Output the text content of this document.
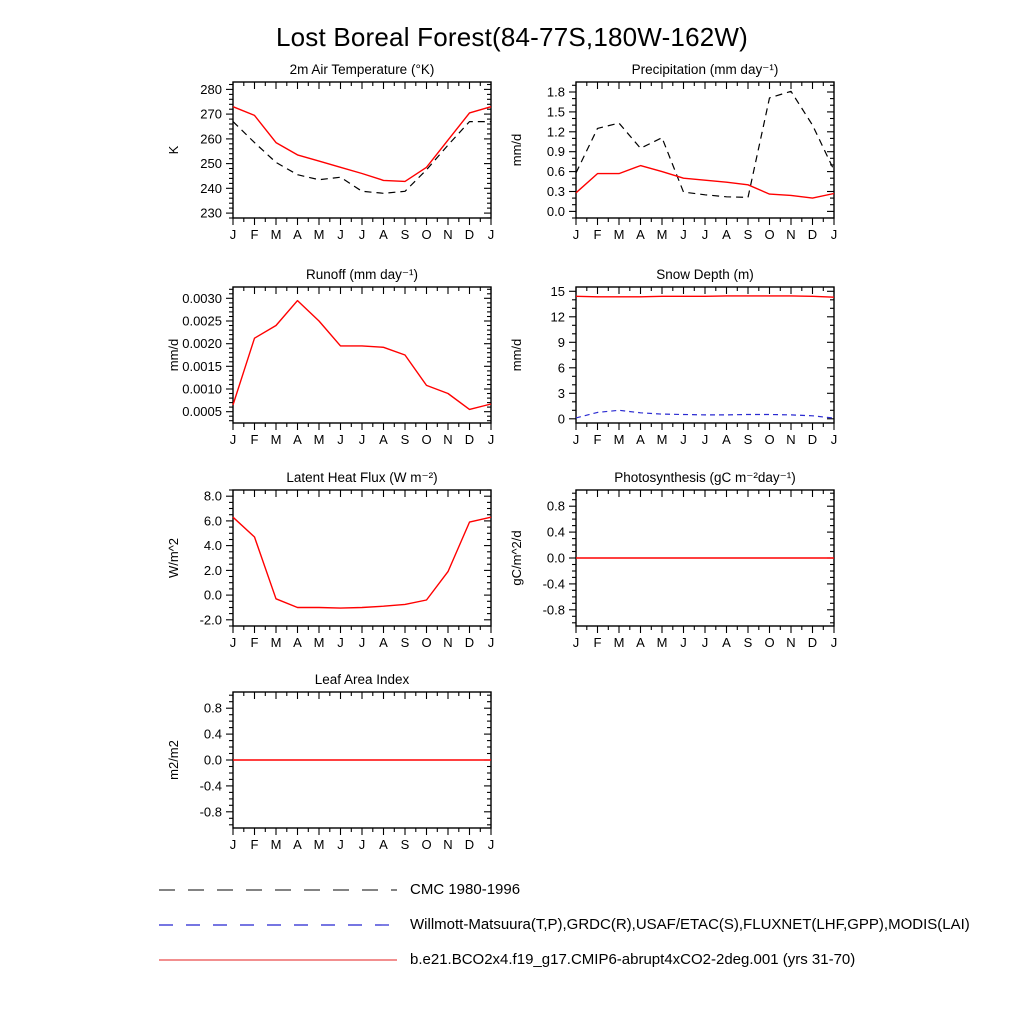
Lost Boreal Forest(84-77S,180W-162W)
230
240
250
260
270
280
J F M A M J J A S O N D J
2m Air Temperature (°K)
K
0.0
0.3
0.6
0.9
1.2
1.5
1.8
J F M A M J J A S O N D J
Precipitation (mm day⁻¹)
mm/d
0.0005
0.0010
0.0015
0.0020
0.0025
0.0030
J F M A M J J A S O N D J
Runoff (mm day⁻¹)
mm/d
0
3
6
9
12
15
J F M A M J J A S O N D J
Snow Depth (m)
mm/d
-2.0
0.0
2.0
4.0
6.0
8.0
J F M A M J J A S O N D J
Latent Heat Flux (W m⁻²)
W/m^2
-0.8
-0.4
0.0
0.4
0.8
J F M A M J J A S O N D J
Photosynthesis (gC m⁻²day⁻¹)
gC/m^2/d
-0.8
-0.4
0.0
0.4
0.8
J F M A M J J A S O N D J
Leaf Area Index
m2/m2
CMC 1980-1996
Willmott-Matsuura(T,P),GRDC(R),USAF/ETAC(S),FLUXNET(LHF,GPP),MODIS(LAI)
b.e21.BCO2x4.f19_g17.CMIP6-abrupt4xCO2-2deg.001 (yrs 31-70)
